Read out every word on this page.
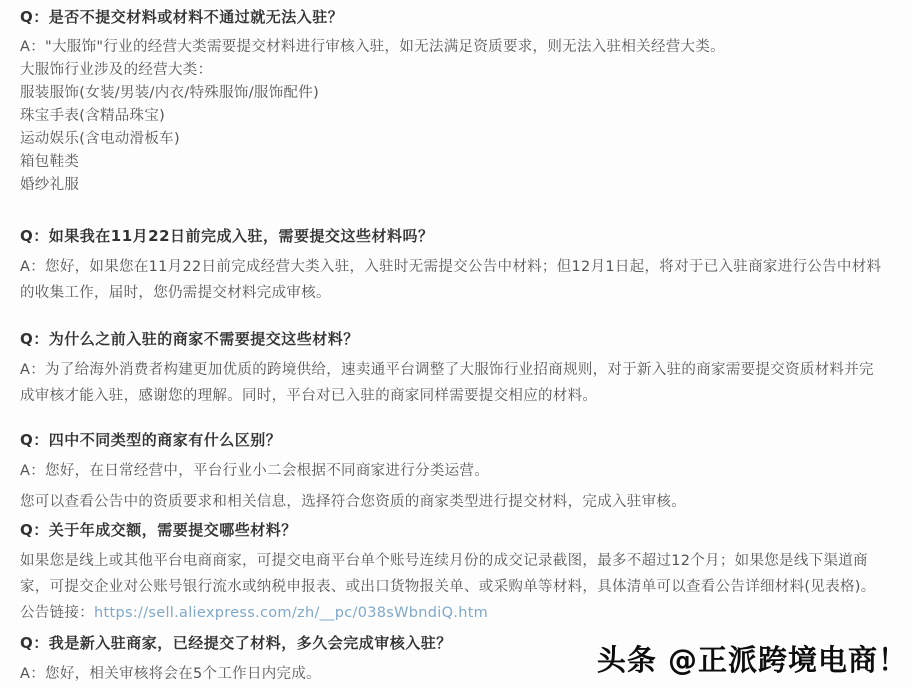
Q：是否不提交材料或材料不通过就无法入驻？

A："大服饰"行业的经营大类需要提交材料进行审核入驻，如无法满足资质要求，则无法入驻相关经营大类。

大服饰行业涉及的经营大类：

服装服饰(女装/男装/内衣/特殊服饰/服饰配件)

珠宝手表(含精品珠宝)

运动娱乐(含电动滑板车)

箱包鞋类

婚纱礼服

Q：如果我在11月22日前完成入驻，需要提交这些材料吗？

A：您好，如果您在11月22日前完成经营大类入驻，入驻时无需提交公告中材料；但12月1日起，将对于已入驻商家进行公告中材料的收集工作，届时，您仍需提交材料完成审核。

Q：为什么之前入驻的商家不需要提交这些材料？

A：为了给海外消费者构建更加优质的跨境供给，速卖通平台调整了大服饰行业招商规则，对于新入驻的商家需要提交资质材料并完成审核才能入驻，感谢您的理解。同时，平台对已入驻的商家同样需要提交相应的材料。

Q：四中不同类型的商家有什么区别？

A：您好，在日常经营中，平台行业小二会根据不同商家进行分类运营。

您可以查看公告中的资质要求和相关信息，选择符合您资质的商家类型进行提交材料，完成入驻审核。

Q：关于年成交额，需要提交哪些材料？

如果您是线上或其他平台电商商家，可提交电商平台单个账号连续月份的成交记录截图，最多不超过12个月；如果您是线下渠道商家，可提交企业对公账号银行流水或纳税申报表、或出口货物报关单、或采购单等材料，具体清单可以查看公告详细材料(见表格)。

公告链接：https://sell.aliexpress.com/zh/__pc/038sWbndiQ.htm

Q：我是新入驻商家，已经提交了材料，多久会完成审核入驻？

A：您好，相关审核将会在5个工作日内完成。	头条 @正派跨境电商！
